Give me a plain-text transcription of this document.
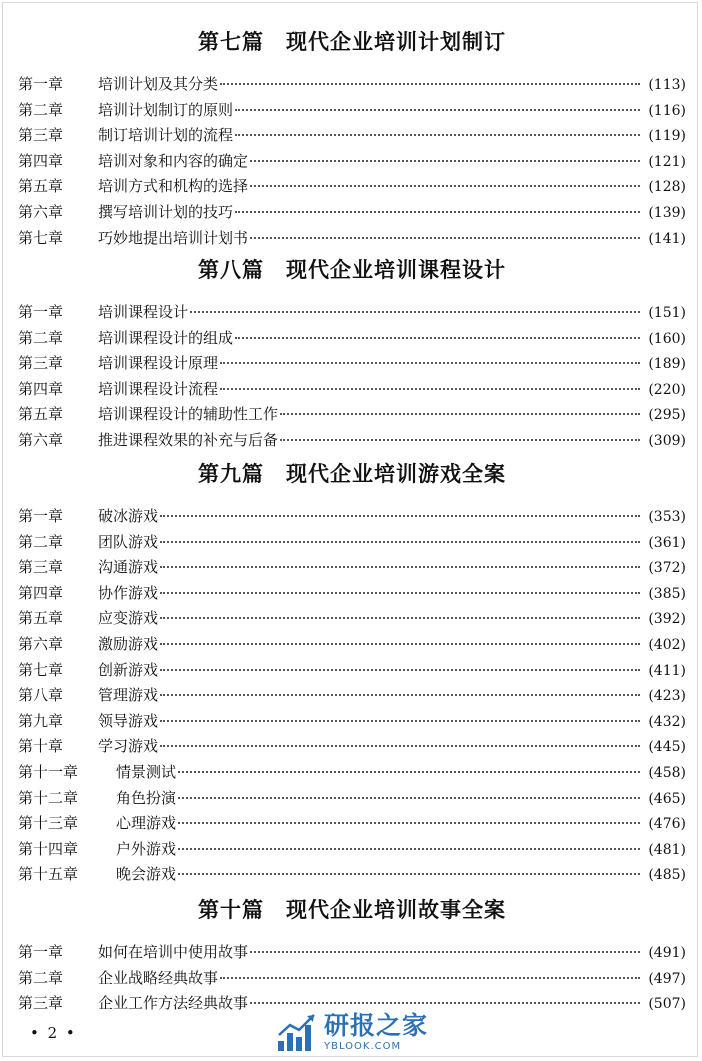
第七篇　现代企业培训计划制订
第一章	培训计划及其分类	(113)
第二章	培训计划制订的原则	(116)
第三章	制订培训计划的流程	(119)
第四章	培训对象和内容的确定	(121)
第五章	培训方式和机构的选择	(128)
第六章	撰写培训计划的技巧	(139)
第七章	巧妙地提出培训计划书	(141)
第八篇　现代企业培训课程设计
第一章	培训课程设计	(151)
第二章	培训课程设计的组成	(160)
第三章	培训课程设计原理	(189)
第四章	培训课程设计流程	(220)
第五章	培训课程设计的辅助性工作	(295)
第六章	推进课程效果的补充与后备	(309)
第九篇　现代企业培训游戏全案
第一章	破冰游戏	(353)
第二章	团队游戏	(361)
第三章	沟通游戏	(372)
第四章	协作游戏	(385)
第五章	应变游戏	(392)
第六章	激励游戏	(402)
第七章	创新游戏	(411)
第八章	管理游戏	(423)
第九章	领导游戏	(432)
第十章	学习游戏	(445)
第十一章	情景测试	(458)
第十二章	角色扮演	(465)
第十三章	心理游戏	(476)
第十四章	户外游戏	(481)
第十五章	晚会游戏	(485)
第十篇　现代企业培训故事全案
第一章	如何在培训中使用故事	(491)
第二章	企业战略经典故事	(497)
第三章	企业工作方法经典故事	(507)
• 2 •	研报之家
YBLOOK.COM
